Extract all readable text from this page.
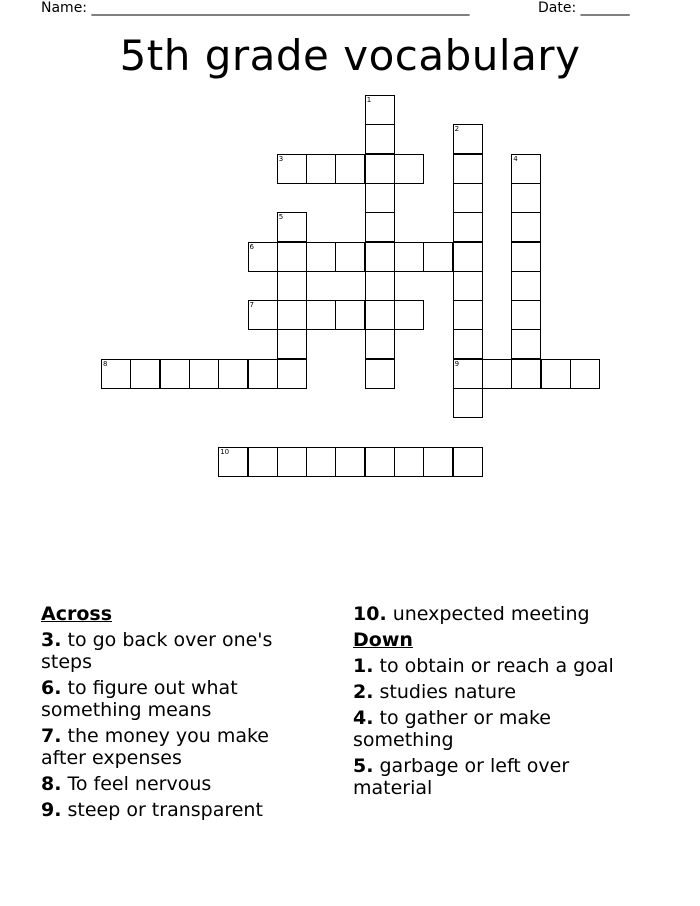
Name: ______________________________________________________	Date: _______
5th grade vocabulary
1
2
9
3	4
5
6
7
8
10
Across
3. to go back over one's steps
6. to figure out what something means
7. the money you make after expenses
8. To feel nervous
9. steep or transparent
10. unexpected meeting
Down
1. to obtain or reach a goal
2. studies nature
4. to gather or make something
5. garbage or left over material
